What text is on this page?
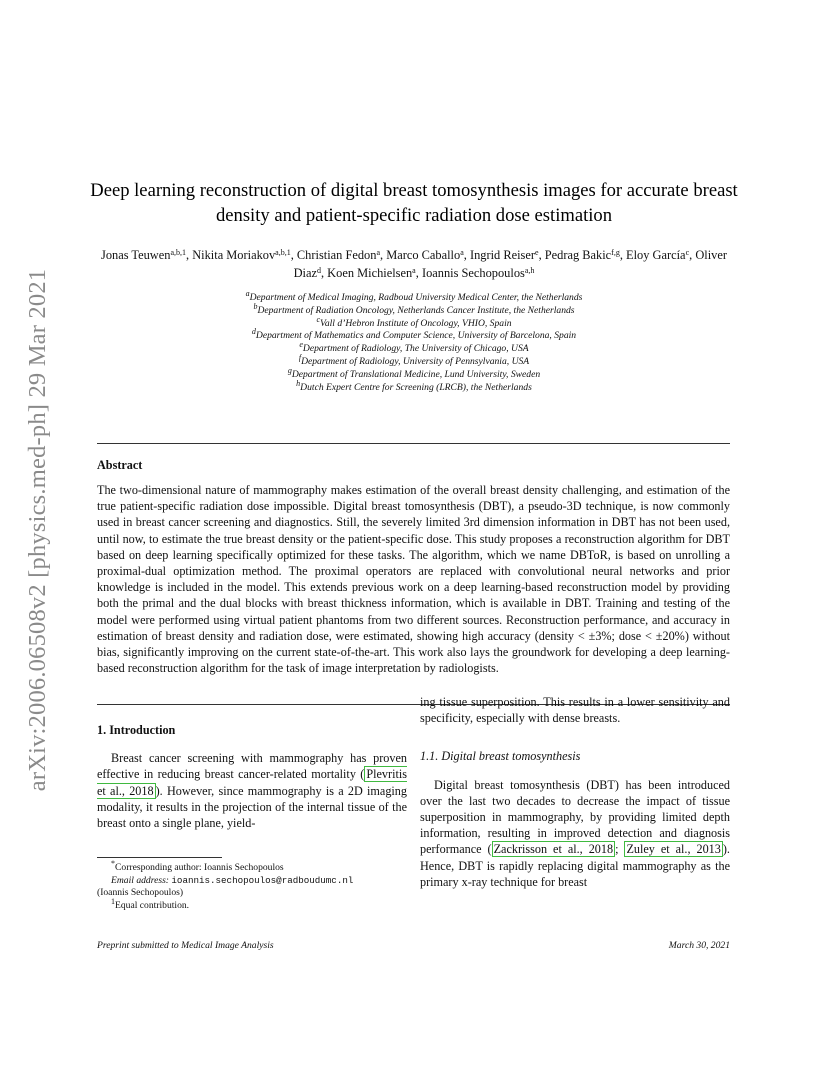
arXiv:2006.06508v2 [physics.med-ph] 29 Mar 2021
Deep learning reconstruction of digital breast tomosynthesis images for accurate breast density and patient-specific radiation dose estimation
Jonas Teuwen$^{a,b,1}$, Nikita Moriakov$^{a,b,1}$, Christian Fedon$^a$, Marco Caballo$^a$, Ingrid Reiser$^e$, Pedrag Bakic$^{f,g}$, Eloy García$^c$, Oliver Diaz$^d$, Koen Michielsen$^a$, Ioannis Sechopoulos$^{a,h}$
$^a$Department of Medical Imaging, Radboud University Medical Center, the Netherlands
$^b$Department of Radiation Oncology, Netherlands Cancer Institute, the Netherlands
$^c$Vall d’Hebron Institute of Oncology, VHIO, Spain
$^d$Department of Mathematics and Computer Science, University of Barcelona, Spain
$^e$Department of Radiology, The University of Chicago, USA
$^f$Department of Radiology, University of Pennsylvania, USA
$^g$Department of Translational Medicine, Lund University, Sweden
$^h$Dutch Expert Centre for Screening (LRCB), the Netherlands
Abstract
The two-dimensional nature of mammography makes estimation of the overall breast density challenging, and estimation of the true patient-specific radiation dose impossible. Digital breast tomosynthesis (DBT), a pseudo-3D technique, is now commonly used in breast cancer screening and diagnostics. Still, the severely limited 3rd dimension information in DBT has not been used, until now, to estimate the true breast density or the patient-specific dose. This study proposes a reconstruction algorithm for DBT based on deep learning specifically optimized for these tasks. The algorithm, which we name DBToR, is based on unrolling a proximal-dual optimization method. The proximal operators are replaced with convolutional neural networks and prior knowledge is included in the model. This extends previous work on a deep learning-based reconstruction model by providing both the primal and the dual blocks with breast thickness information, which is available in DBT. Training and testing of the model were performed using virtual patient phantoms from two different sources. Reconstruction performance, and accuracy in estimation of breast density and radiation dose, were estimated, showing high accuracy (density < ±3%; dose < ±20%) without bias, significantly improving on the current state-of-the-art. This work also lays the groundwork for developing a deep learning-based reconstruction algorithm for the task of image interpretation by radiologists.
1. Introduction

Breast cancer screening with mammography has proven effective in reducing breast cancer-related mortality ( Plevritis et al., 2018 ). However, since mammography is a 2D imaging modality, it results in the projection of the internal tissue of the breast onto a single plane, yield-

ing tissue superposition. This results in a lower sensitivity and specificity, especially with dense breasts.

1.1. Digital breast tomosynthesis

Digital breast tomosynthesis (DBT) has been introduced over the last two decades to decrease the impact of tissue superposition in mammography, by providing limited depth information, resulting in improved detection and diagnosis performance ( Zackrisson et al., 2018 ; Zuley et al., 2013 ). Hence, DBT is rapidly replacing digital mammography as the primary x-ray technique for breast

*Corresponding author: Ioannis Sechopoulos
Email address: ioannis.sechopoulos@radboudumc.nl
(Ioannis Sechopoulos)
$^1$Equal contribution.
Preprint submitted to Medical Image Analysis	March 30, 2021
